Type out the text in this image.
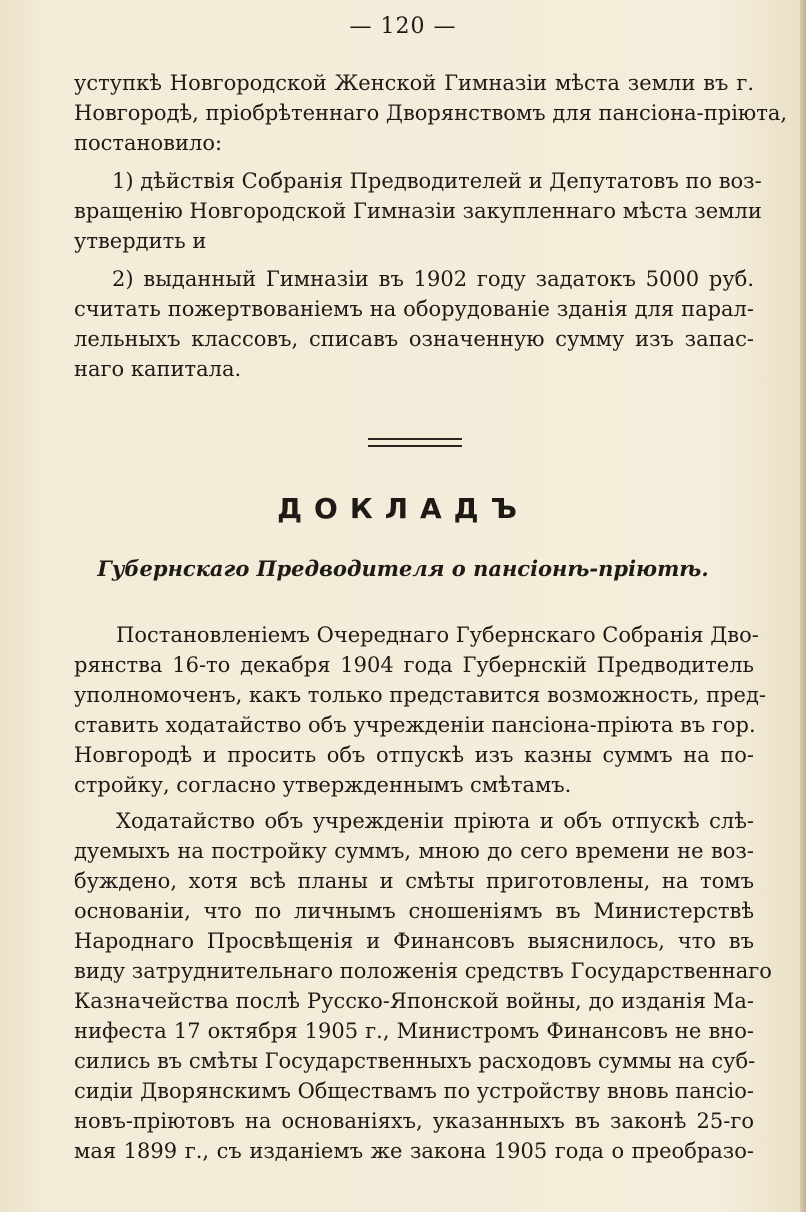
— 120 —
уступкѣ Новгородской Женской Гимназіи мѣста земли въ г.
Новгородѣ, пріобрѣтеннаго Дворянствомъ для пансіона-пріюта,
постановило:
1) дѣйствія Собранія Предводителей и Депутатовъ по воз-
вращенію Новгородской Гимназіи закупленнаго мѣста земли
утвердить и
2) выданный Гимназіи въ 1902 году задатокъ 5000 руб.
считать пожертвованіемъ на оборудованіе зданія для парал-
лельныхъ классовъ, списавъ означенную сумму изъ запас-
наго капитала.
ДОКЛАДЪ
Губернскаго Предводителя о пансіонѣ-пріютѣ.
Постановленіемъ Очереднаго Губернскаго Собранія Дво-
рянства 16-то декабря 1904 года Губернскій Предводитель
уполномоченъ, какъ только представится возможность, пред-
ставить ходатайство объ учрежденіи пансіона-пріюта въ гор.
Новгородѣ и просить объ отпускѣ изъ казны суммъ на по-
стройку, согласно утвержденнымъ смѣтамъ.
Ходатайство объ учрежденіи пріюта и объ отпускѣ слѣ-
дуемыхъ на постройку суммъ, мною до сего времени не воз-
буждено, хотя всѣ планы и смѣты приготовлены, на томъ
основаніи, что по личнымъ сношеніямъ въ Министерствѣ
Народнаго Просвѣщенія и Финансовъ выяснилось, что въ
виду затруднительнаго положенія средствъ Государственнаго
Казначейства послѣ Русско-Японской войны, до изданія Ма-
нифеста 17 октября 1905 г., Министромъ Финансовъ не вно-
сились въ смѣты Государственныхъ расходовъ суммы на суб-
сидіи Дворянскимъ Обществамъ по устройству вновь пансіо-
новъ-пріютовъ на основаніяхъ, указанныхъ въ законѣ 25-го
мая 1899 г., съ изданіемъ же закона 1905 года о преобразо-
